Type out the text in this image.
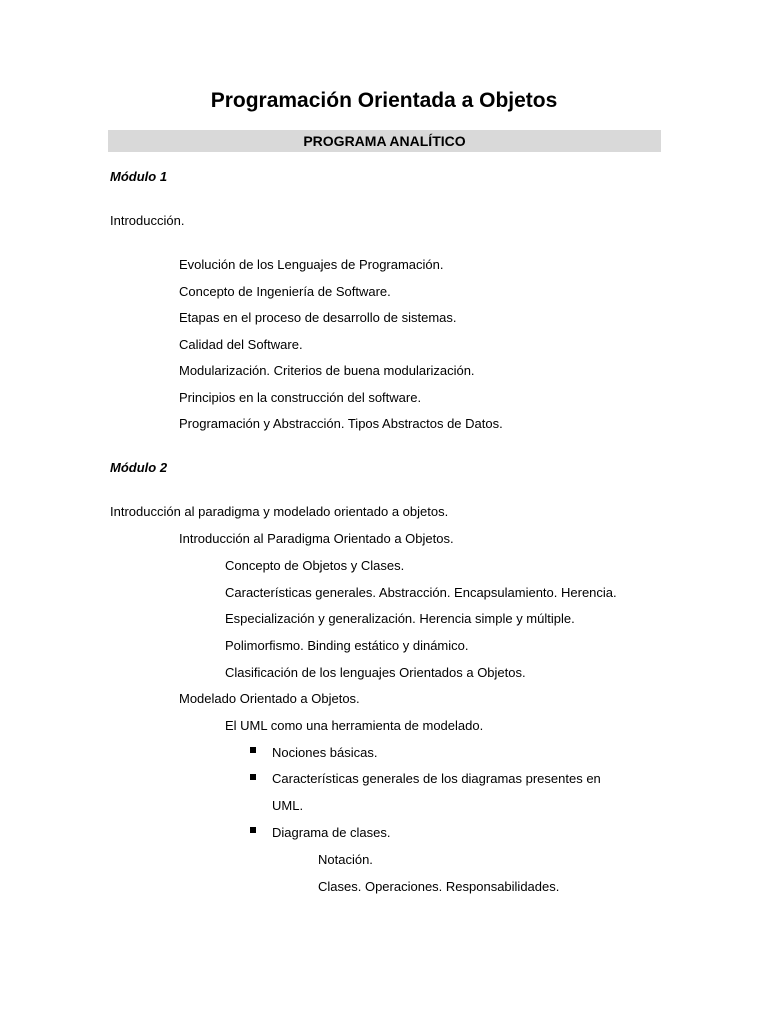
Programación Orientada a Objetos
PROGRAMA ANALÍTICO
Módulo 1
Introducción.
Evolución de los Lenguajes de Programación.
Concepto de Ingeniería de Software.
Etapas en el proceso de desarrollo de sistemas.
Calidad del Software.
Modularización. Criterios de buena modularización.
Principios en la construcción del software.
Programación y Abstracción. Tipos Abstractos de Datos.
Módulo 2
Introducción al paradigma y modelado orientado a objetos.
Introducción al Paradigma Orientado a Objetos.
Concepto de Objetos y Clases.
Características generales. Abstracción. Encapsulamiento. Herencia.
Especialización y generalización. Herencia simple y múltiple.
Polimorfismo. Binding estático y dinámico.
Clasificación de los lenguajes Orientados a Objetos.
Modelado Orientado a Objetos.
El UML como una herramienta de modelado.
Nociones básicas.
Características generales de los diagramas presentes en
UML.
Diagrama de clases.
Notación.
Clases. Operaciones. Responsabilidades.
